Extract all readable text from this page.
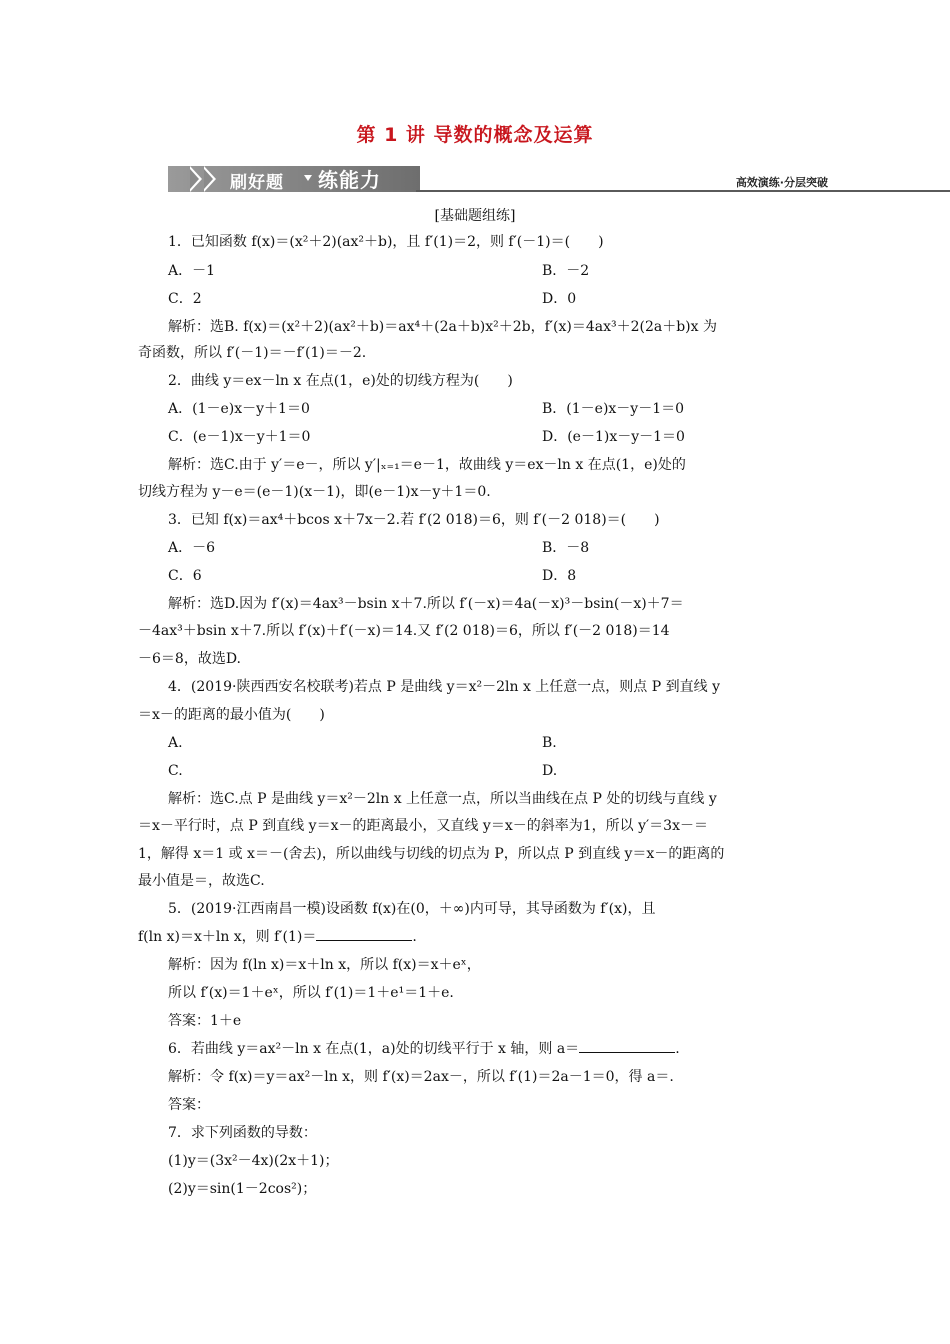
第 1 讲 导数的概念及运算
刷好题 练能力	高效演练·分层突破
[基础题组练]
1．已知函数 f(x)＝(x²＋2)(ax²＋b)，且 f′(1)＝2，则 f′(－1)＝(　　)
A．－1	B．－2
C．2	D．0
解析：选B. f(x)＝(x²＋2)(ax²＋b)＝ax⁴＋(2a＋b)x²＋2b，f′(x)＝4ax³＋2(2a＋b)x 为
奇函数，所以 f′(－1)＝－f′(1)＝－2.
2．曲线 y＝ex－ln x 在点(1，e)处的切线方程为(　　)
A．(1－e)x－y＋1＝0	B．(1－e)x－y－1＝0
C．(e－1)x－y＋1＝0	D．(e－1)x－y－1＝0
解析：选C.由于 y′＝e－，所以 y′|ₓ₌₁＝e－1，故曲线 y＝ex－ln x 在点(1，e)处的
切线方程为 y－e＝(e－1)(x－1)，即(e－1)x－y＋1＝0.
3．已知 f(x)＝ax⁴＋bcos x＋7x－2.若 f′(2 018)＝6，则 f′(－2 018)＝(　　)
A．－6	B．－8
C．6	D．8
解析：选D.因为 f′(x)＝4ax³－bsin x＋7.所以 f′(－x)＝4a(－x)³－bsin(－x)＋7＝
－4ax³＋bsin x＋7.所以 f′(x)＋f′(－x)＝14.又 f′(2 018)＝6，所以 f′(－2 018)＝14
－6＝8，故选D.
4．(2019·陕西西安名校联考)若点 P 是曲线 y＝x²－2ln x 上任意一点，则点 P 到直线 y
＝x－的距离的最小值为(　　)
A.	B.
C.	D.
解析：选C.点 P 是曲线 y＝x²－2ln x 上任意一点，所以当曲线在点 P 处的切线与直线 y
＝x－平行时，点 P 到直线 y＝x－的距离最小，又直线 y＝x－的斜率为1，所以 y′＝3x－＝
1，解得 x＝1 或 x＝－(舍去)，所以曲线与切线的切点为 P，所以点 P 到直线 y＝x－的距离的
最小值是＝，故选C.
5．(2019·江西南昌一模)设函数 f(x)在(0，＋∞)内可导，其导函数为 f′(x)，且
f(ln x)＝x＋ln x，则 f′(1)＝	.
解析：因为 f(ln x)＝x＋ln x，所以 f(x)＝x＋eˣ，
所以 f′(x)＝1＋eˣ，所以 f′(1)＝1＋e¹＝1＋e.
答案：1＋e
6．若曲线 y＝ax²－ln x 在点(1，a)处的切线平行于 x 轴，则 a＝	.
解析：令 f(x)＝y＝ax²－ln x，则 f′(x)＝2ax－，所以 f′(1)＝2a－1＝0，得 a＝.
答案：
7．求下列函数的导数：
(1)y＝(3x²－4x)(2x＋1)；
(2)y＝sin(1－2cos²)；
